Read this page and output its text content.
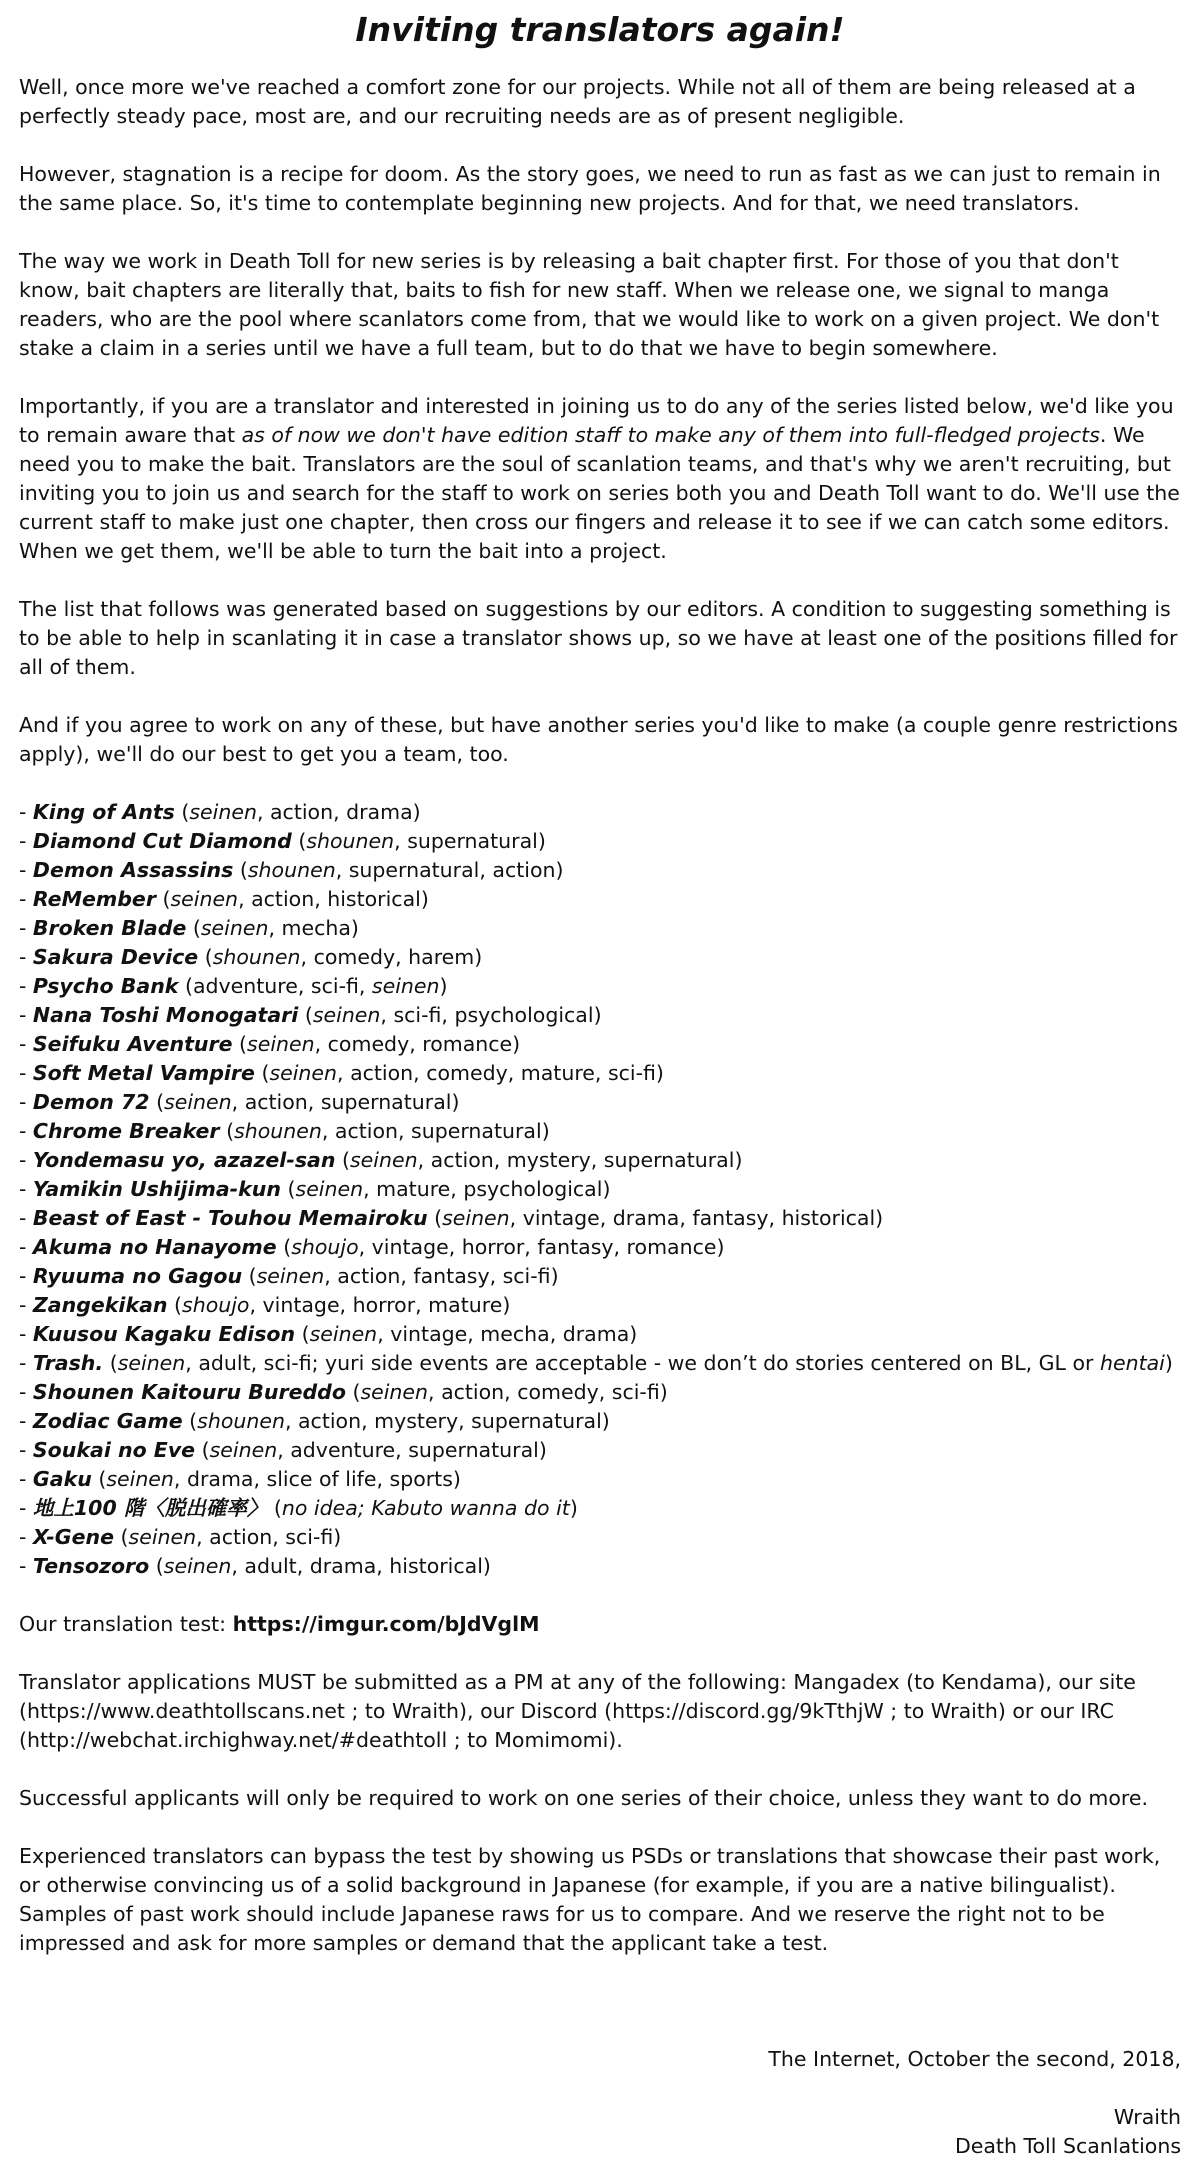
Inviting translators again!

Well, once more we've reached a comfort zone for our projects. While not all of them are being released at a perfectly steady pace, most are, and our recruiting needs are as of present negligible.

However, stagnation is a recipe for doom. As the story goes, we need to run as fast as we can just to remain in the same place. So, it's time to contemplate beginning new projects. And for that, we need translators.

The way we work in Death Toll for new series is by releasing a bait chapter first. For those of you that don't know, bait chapters are literally that, baits to fish for new staff. When we release one, we signal to manga readers, who are the pool where scanlators come from, that we would like to work on a given project. We don't stake a claim in a series until we have a full team, but to do that we have to begin somewhere.

Importantly, if you are a translator and interested in joining us to do any of the series listed below, we'd like you to remain aware that as of now we don't have edition staff to make any of them into full-fledged projects. We need you to make the bait. Translators are the soul of scanlation teams, and that's why we aren't recruiting, but inviting you to join us and search for the staff to work on series both you and Death Toll want to do. We'll use the current staff to make just one chapter, then cross our fingers and release it to see if we can catch some editors. When we get them, we'll be able to turn the bait into a project.

The list that follows was generated based on suggestions by our editors. A condition to suggesting something is to be able to help in scanlating it in case a translator shows up, so we have at least one of the positions filled for all of them.

And if you agree to work on any of these, but have another series you'd like to make (a couple genre restrictions apply), we'll do our best to get you a team, too.

- King of Ants (seinen, action, drama)
- Diamond Cut Diamond (shounen, supernatural)
- Demon Assassins (shounen, supernatural, action)
- ReMember (seinen, action, historical)
- Broken Blade (seinen, mecha)
- Sakura Device (shounen, comedy, harem)
- Psycho Bank (adventure, sci-fi, seinen)
- Nana Toshi Monogatari (seinen, sci-fi, psychological)
- Seifuku Aventure (seinen, comedy, romance)
- Soft Metal Vampire (seinen, action, comedy, mature, sci-fi)
- Demon 72 (seinen, action, supernatural)
- Chrome Breaker (shounen, action, supernatural)
- Yondemasu yo, azazel-san (seinen, action, mystery, supernatural)
- Yamikin Ushijima-kun (seinen, mature, psychological)
- Beast of East - Touhou Memairoku (seinen, vintage, drama, fantasy, historical)
- Akuma no Hanayome (shoujo, vintage, horror, fantasy, romance)
- Ryuuma no Gagou (seinen, action, fantasy, sci-fi)
- Zangekikan (shoujo, vintage, horror, mature)
- Kuusou Kagaku Edison (seinen, vintage, mecha, drama)
- Trash. (seinen, adult, sci-fi; yuri side events are acceptable - we don’t do stories centered on BL, GL or hentai)
- Shounen Kaitouru Bureddo (seinen, action, comedy, sci-fi)
- Zodiac Game (shounen, action, mystery, supernatural)
- Soukai no Eve (seinen, adventure, supernatural)
- Gaku (seinen, drama, slice of life, sports)
- 地上100 階〈脱出確率〉 (no idea; Kabuto wanna do it)
- X-Gene (seinen, action, sci-fi)
- Tensozoro (seinen, adult, drama, historical)

Our translation test: https://imgur.com/bJdVglM

Translator applications MUST be submitted as a PM at any of the following: Mangadex (to Kendama), our site (https://www.deathtollscans.net ; to Wraith), our Discord (https://discord.gg/9kTthjW ; to Wraith) or our IRC (http://webchat.irchighway.net/#deathtoll ; to Momimomi).

Successful applicants will only be required to work on one series of their choice, unless they want to do more.

Experienced translators can bypass the test by showing us PSDs or translations that showcase their past work, or otherwise convincing us of a solid background in Japanese (for example, if you are a native bilingualist). Samples of past work should include Japanese raws for us to compare. And we reserve the right not to be impressed and ask for more samples or demand that the applicant take a test.

The Internet, October the second, 2018,

Wraith

Death Toll Scanlations
